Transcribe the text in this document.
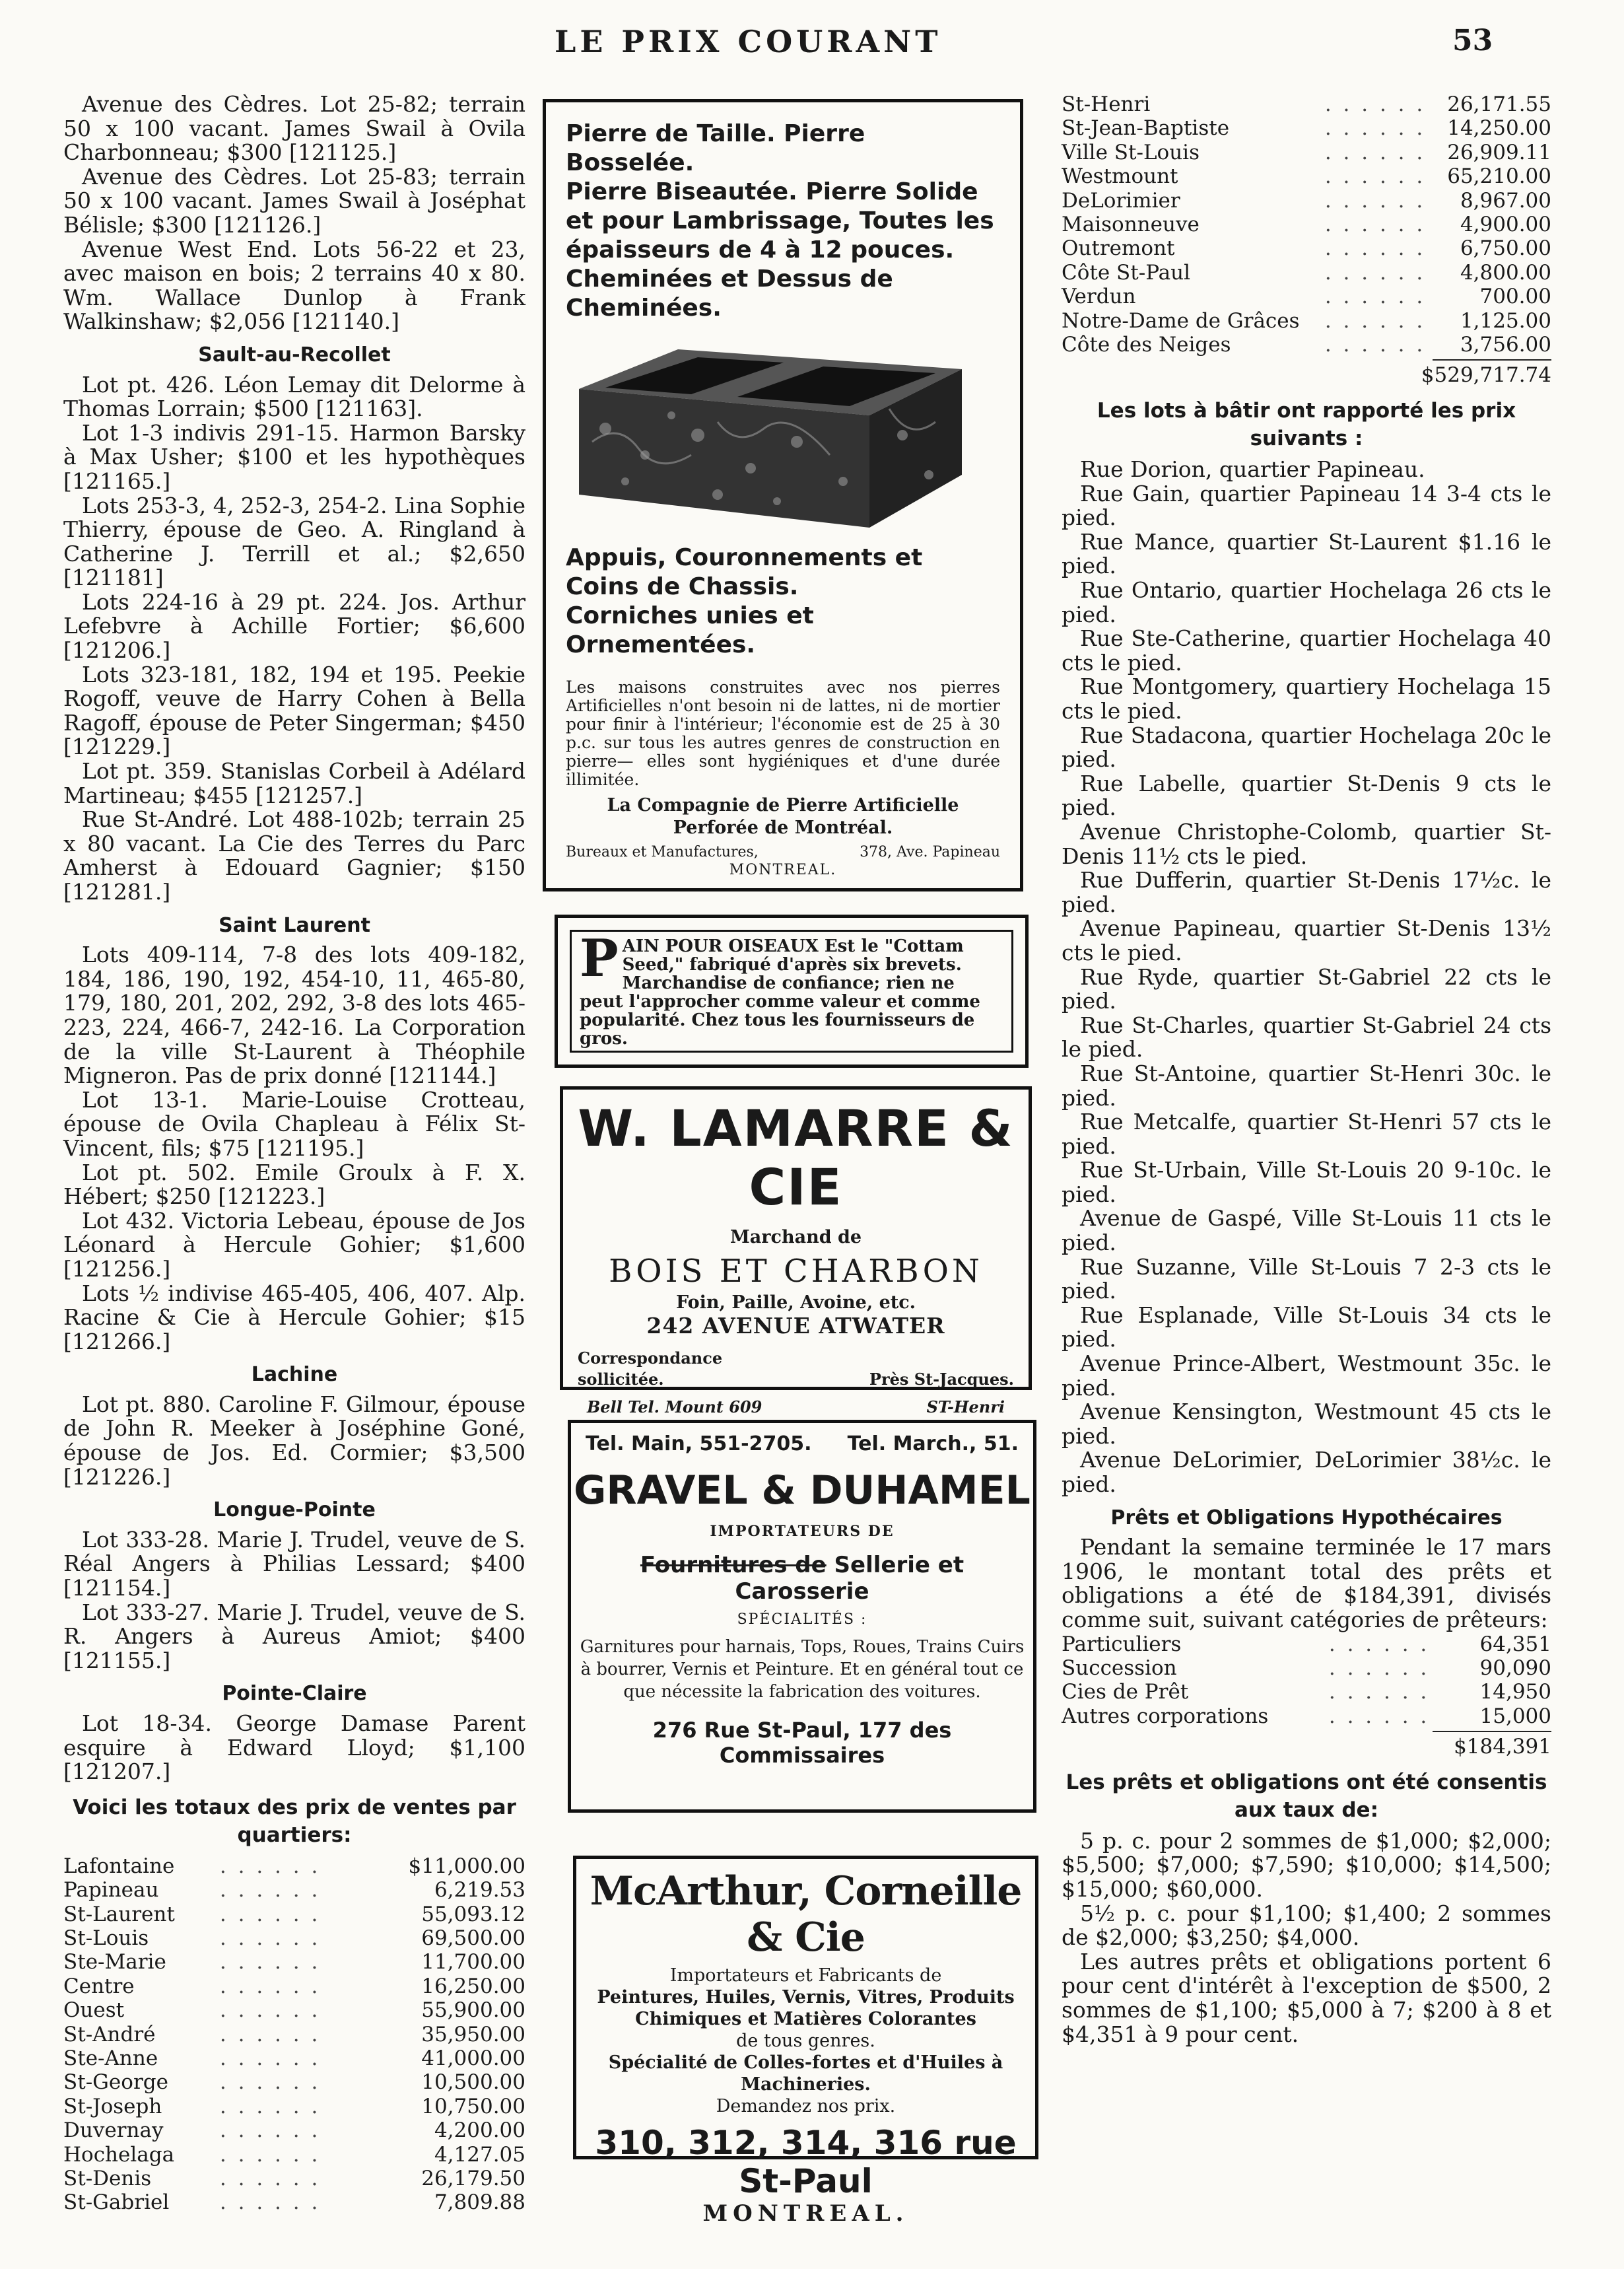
LE PRIX COURANT	53
Avenue des Cèdres. Lot 25-82; terrain 50 x 100 vacant. James Swail à Ovila Charbonneau; $300 [121125.]
Avenue des Cèdres. Lot 25-83; terrain 50 x 100 vacant. James Swail à Joséphat Bélisle; $300 [121126.]
Avenue West End. Lots 56-22 et 23, avec maison en bois; 2 terrains 40 x 80. Wm. Wallace Dunlop à Frank Walkinshaw; $2,056 [121140.]
Sault-au-Recollet
Lot pt. 426. Léon Lemay dit Delorme à Thomas Lorrain; $500 [121163].
Lot 1-3 indivis 291-15. Harmon Barsky à Max Usher; $100 et les hypothèques [121165.]
Lots 253-3, 4, 252-3, 254-2. Lina Sophie Thierry, épouse de Geo. A. Ringland à Catherine J. Terrill et al.; $2,650 [121181]
Lots 224-16 à 29 pt. 224. Jos. Arthur Lefebvre à Achille Fortier; $6,600 [121206.]
Lots 323-181, 182, 194 et 195. Peekie Rogoff, veuve de Harry Cohen à Bella Ragoff, épouse de Peter Singerman; $450 [121229.]
Lot pt. 359. Stanislas Corbeil à Adélard Martineau; $455 [121257.]
Rue St-André. Lot 488-102b; terrain 25 x 80 vacant. La Cie des Terres du Parc Amherst à Edouard Gagnier; $150 [121281.]
Saint Laurent
Lots 409-114, 7-8 des lots 409-182, 184, 186, 190, 192, 454-10, 11, 465-80, 179, 180, 201, 202, 292, 3-8 des lots 465-223, 224, 466-7, 242-16. La Corporation de la ville St-Laurent à Théophile Migneron. Pas de prix donné [121144.]
Lot 13-1. Marie-Louise Crotteau, épouse de Ovila Chapleau à Félix St-Vincent, fils; $75 [121195.]
Lot pt. 502. Emile Groulx à F. X. Hébert; $250 [121223.]
Lot 432. Victoria Lebeau, épouse de Jos Léonard à Hercule Gohier; $1,600 [121256.]
Lots ½ indivise 465-405, 406, 407. Alp. Racine & Cie à Hercule Gohier; $15 [121266.]
Lachine
Lot pt. 880. Caroline F. Gilmour, épouse de John R. Meeker à Joséphine Goné, épouse de Jos. Ed. Cormier; $3,500 [121226.]
Longue-Pointe
Lot 333-28. Marie J. Trudel, veuve de S. Réal Angers à Philias Lessard; $400 [121154.]
Lot 333-27. Marie J. Trudel, veuve de S. R. Angers à Aureus Amiot; $400 [121155.]
Pointe-Claire
Lot 18-34. George Damase Parent esquire à Edward Lloyd; $1,100 [121207.]
Voici les totaux des prix de ventes par quartiers:
Lafontaine	. . . . . .	$11,000.00
Papineau	. . . . . .	6,219.53
St-Laurent	. . . . . .	55,093.12
St-Louis	. . . . . .	69,500.00
Ste-Marie	. . . . . .	11,700.00
Centre	. . . . . .	16,250.00
Ouest	. . . . . .	55,900.00
St-André	. . . . . .	35,950.00
Ste-Anne	. . . . . .	41,000.00
St-George	. . . . . .	10,500.00
St-Joseph	. . . . . .	10,750.00
Duvernay	. . . . . .	4,200.00
Hochelaga	. . . . . .	4,127.05
St-Denis	. . . . . .	26,179.50
St-Gabriel	. . . . . .	7,809.88
St-Henri	. . . . . .	26,171.55
St-Jean-Baptiste	. . . . . .	14,250.00
Ville St-Louis	. . . . . .	26,909.11
Westmount	. . . . . .	65,210.00
DeLorimier	. . . . . .	8,967.00
Maisonneuve	. . . . . .	4,900.00
Outremont	. . . . . .	6,750.00
Côte St-Paul	. . . . . .	4,800.00
Verdun	. . . . . .	700.00
Notre-Dame de Grâces	. . . . . .	1,125.00
Côte des Neiges	. . . . . .	3,756.00
$529,717.74
Les lots à bâtir ont rapporté les prix suivants :
Rue Dorion, quartier Papineau.
Rue Gain, quartier Papineau 14 3-4 cts le pied.
Rue Mance, quartier St-Laurent $1.16 le pied.
Rue Ontario, quartier Hochelaga 26 cts le pied.
Rue Ste-Catherine, quartier Hochelaga 40 cts le pied.
Rue Montgomery, quartiery Hochelaga 15 cts le pied.
Rue Stadacona, quartier Hochelaga 20c le pied.
Rue Labelle, quartier St-Denis 9 cts le pied.
Avenue Christophe-Colomb, quartier St-Denis 11½ cts le pied.
Rue Dufferin, quartier St-Denis 17½c. le pied.
Avenue Papineau, quartier St-Denis 13½ cts le pied.
Rue Ryde, quartier St-Gabriel 22 cts le pied.
Rue St-Charles, quartier St-Gabriel 24 cts le pied.
Rue St-Antoine, quartier St-Henri 30c. le pied.
Rue Metcalfe, quartier St-Henri 57 cts le pied.
Rue St-Urbain, Ville St-Louis 20 9-10c. le pied.
Avenue de Gaspé, Ville St-Louis 11 cts le pied.
Rue Suzanne, Ville St-Louis 7 2-3 cts le pied.
Rue Esplanade, Ville St-Louis 34 cts le pied.
Avenue Prince-Albert, Westmount 35c. le pied.
Avenue Kensington, Westmount 45 cts le pied.
Avenue DeLorimier, DeLorimier 38½c. le pied.
Prêts et Obligations Hypothécaires
Pendant la semaine terminée le 17 mars 1906, le montant total des prêts et obligations a été de $184,391, divisés comme suit, suivant catégories de prêteurs:
Particuliers	. . . . . .	64,351
Succession	. . . . . .	90,090
Cies de Prêt	. . . . . .	14,950
Autres corporations	. . . . . .	15,000
$184,391
Les prêts et obligations ont été consentis aux taux de:
5 p. c. pour 2 sommes de $1,000; $2,000; $5,500; $7,000; $7,590; $10,000; $14,500; $15,000; $60,000.
5½ p. c. pour $1,100; $1,400; 2 sommes de $2,000; $3,250; $4,000.
Les autres prêts et obligations portent 6 pour cent d'intérêt à l'exception de $500, 2 sommes de $1,100; $5,000 à 7; $200 à 8 et $4,351 à 9 pour cent.
Pierre de Taille. Pierre Bosselée.
Pierre Biseautée. Pierre Solide et pour Lambrissage, Toutes les épaisseurs de 4 à 12 pouces.
Cheminées et Dessus de Cheminées.
Appuis, Couronnements et Coins de Chassis.
Corniches unies et Ornementées.
Les maisons construites avec nos pierres Artificielles n'ont besoin ni de lattes, ni de mortier pour finir à l'intérieur; l'économie est de 25 à 30 p.c. sur tous les autres genres de construction en pierre— elles sont hygiéniques et d'une durée illimitée.
La Compagnie de Pierre Artificielle Perforée de Montréal.
Bureaux et Manufactures,	378, Ave. Papineau
MONTREAL.
P AIN POUR OISEAUX Est le "Cottam Seed," fabriqué d'après six brevets. Marchandise de confiance; rien ne peut l'approcher comme valeur et comme popularité. Chez tous les fournisseurs de gros.
W. LAMARRE & CIE
Marchand de
BOIS ET CHARBON
Foin, Paille, Avoine, etc.
242 AVENUE ATWATER
Correspondance
sollicitée.	Près St-Jacques.
Bell Tel. Mount 609	ST-Henri
Tel. Main, 551-2705. Tel. March., 51.
GRAVEL & DUHAMEL
IMPORTATEURS DE
Fournitures de Sellerie et Carosserie
SPÉCIALITÉS :
Garnitures pour harnais, Tops, Roues, Trains Cuirs à bourrer, Vernis et Peinture. Et en général tout ce que nécessite la fabrication des voitures.
276 Rue St-Paul, 177 des Commissaires
McArthur, Corneille & Cie
Importateurs et Fabricants de
Peintures, Huiles, Vernis, Vitres, Produits Chimiques et Matières Colorantes
de tous genres.
Spécialité de Colles-fortes et d'Huiles à Machineries.
Demandez nos prix.
310, 312, 314, 316 rue St-Paul
MONTREAL.
